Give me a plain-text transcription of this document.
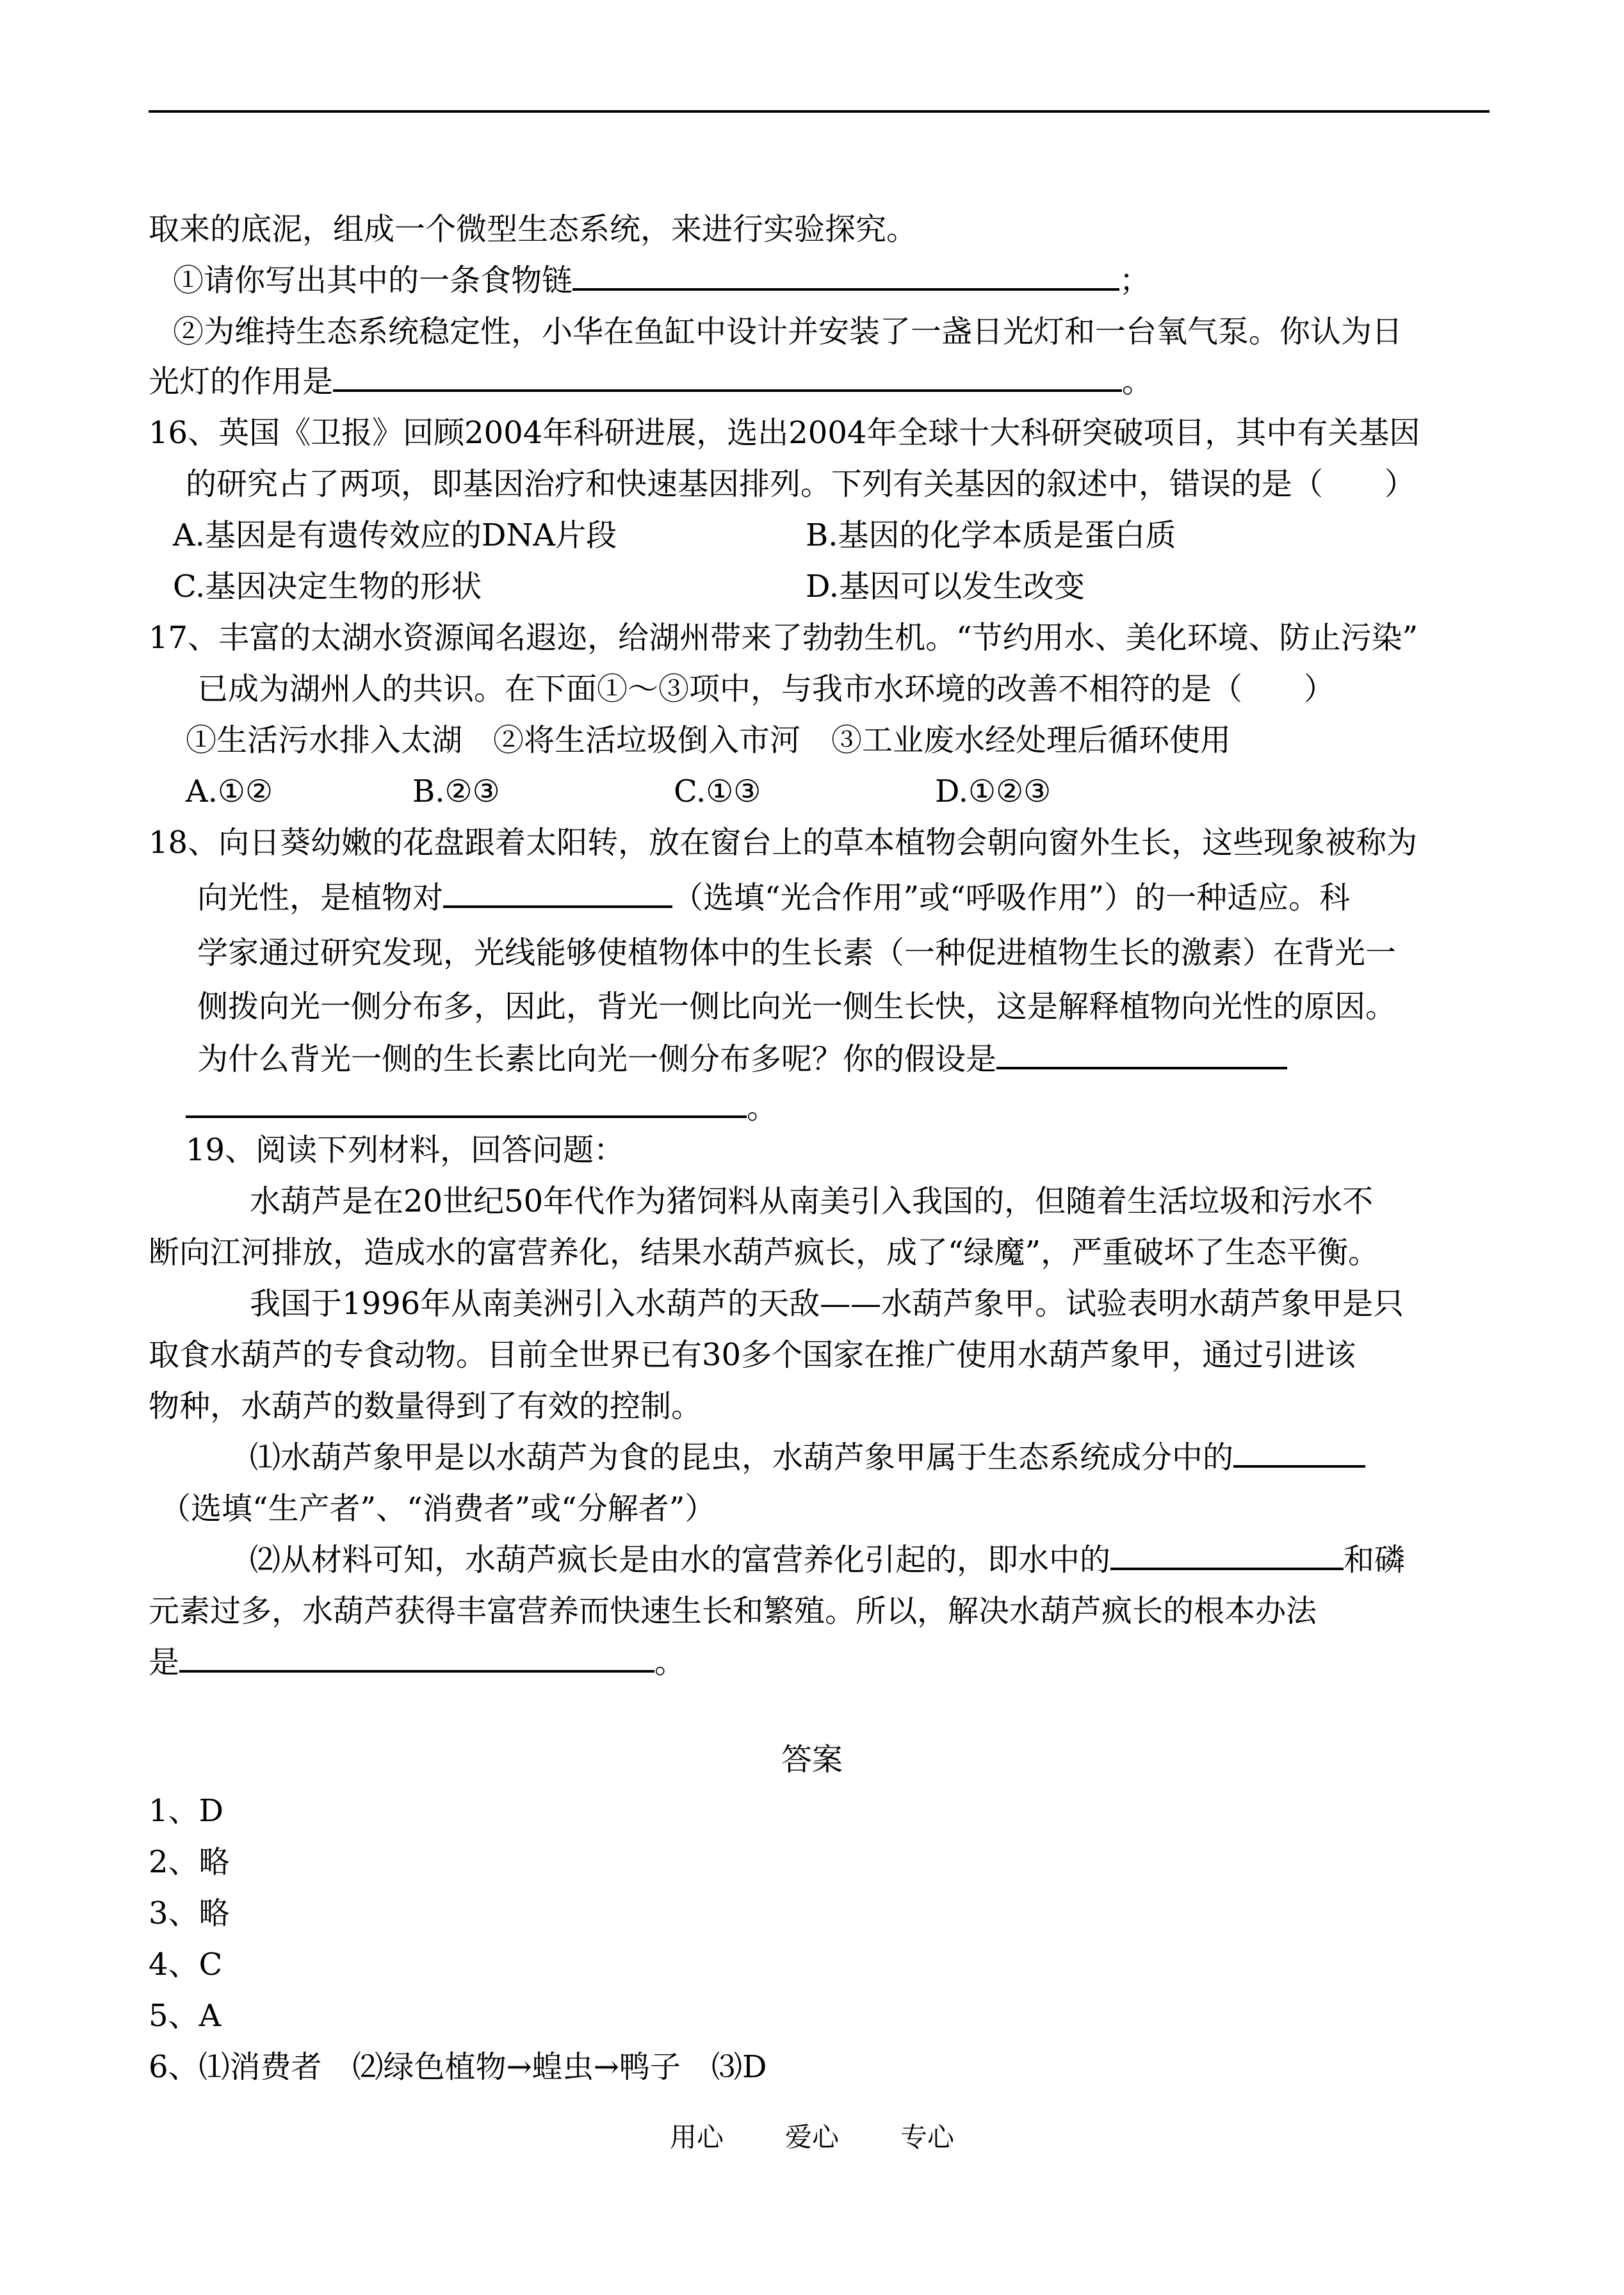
取来的底泥，组成一个微型生态系统，来进行实验探究。
①请你写出其中的一条食物链	；
②为维持生态系统稳定性，小华在鱼缸中设计并安装了一盏日光灯和一台氧气泵。你认为日
光灯的作用是	。
16、英国《卫报》回顾2004年科研进展，选出2004年全球十大科研突破项目，其中有关基因
的研究占了两项，即基因治疗和快速基因排列。下列有关基因的叙述中，错误的是（　　）
A.基因是有遗传效应的DNA片段	B.基因的化学本质是蛋白质
C.基因决定生物的形状	D.基因可以发生改变
17、丰富的太湖水资源闻名遐迩，给湖州带来了勃勃生机。“节约用水、美化环境、防止污染”
已成为湖州人的共识。在下面①～③项中，与我市水环境的改善不相符的是（　　）
①生活污水排入太湖　②将生活垃圾倒入市河　③工业废水经处理后循环使用
A.①②	B.②③	C.①③	D.①②③
18、向日葵幼嫩的花盘跟着太阳转，放在窗台上的草本植物会朝向窗外生长，这些现象被称为
向光性，是植物对	（选填“光合作用”或“呼吸作用”）的一种适应。科
学家通过研究发现，光线能够使植物体中的生长素（一种促进植物生长的激素）在背光一
侧拨向光一侧分布多，因此，背光一侧比向光一侧生长快，这是解释植物向光性的原因。
为什么背光一侧的生长素比向光一侧分布多呢？你的假设是
。
19、阅读下列材料，回答问题：
水葫芦是在20世纪50年代作为猪饲料从南美引入我国的，但随着生活垃圾和污水不
断向江河排放，造成水的富营养化，结果水葫芦疯长，成了“绿魔”，严重破坏了生态平衡。
我国于1996年从南美洲引入水葫芦的天敌——水葫芦象甲。试验表明水葫芦象甲是只
取食水葫芦的专食动物。目前全世界已有30多个国家在推广使用水葫芦象甲，通过引进该
物种，水葫芦的数量得到了有效的控制。
⑴水葫芦象甲是以水葫芦为食的昆虫，水葫芦象甲属于生态系统成分中的
（选填“生产者”、“消费者”或“分解者”）
⑵从材料可知，水葫芦疯长是由水的富营养化引起的，即水中的	和磷
元素过多，水葫芦获得丰富营养而快速生长和繁殖。所以，解决水葫芦疯长的根本办法
是	。
答案
1、D
2、略
3、略
4、C
5、A
6、⑴消费者　⑵绿色植物→蝗虫→鸭子　⑶D
用心 爱心 专心
